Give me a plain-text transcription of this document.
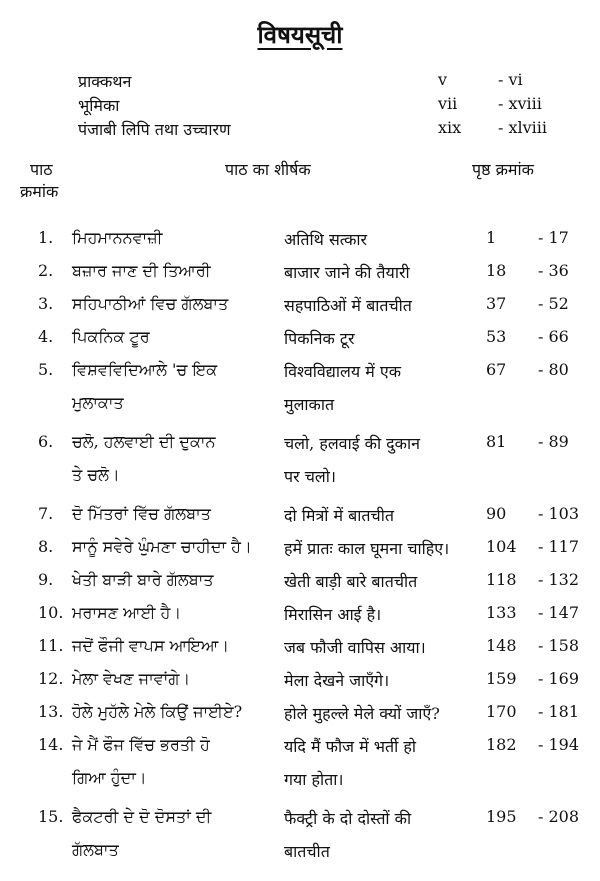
विषयसूची
प्राक्कथन	v	- vi
भूमिका	vii	- xviii
पंजाबी लिपि तथा उच्चारण	xix - xlviii
पाठ
क्रमांक
पाठ का शीर्षक	पृष्ठ क्रमांक
1. ਮਿਹਮਾਨਨਵਾਜ਼ੀ	अतिथि सत्कार	1	- 17
2. ਬਜ਼ਾਰ ਜਾਣ ਦੀ ਤਿਆਰੀ	बाजार जाने की तैयारी	18 - 36
3. ਸਹਿਪਾਠੀਆਂ ਵਿਚ ਗੱਲਬਾਤ	सहपाठिओं में बातचीत	37 - 52
4. ਪਿਕਨਿਕ ਟੂਰ	पिकनिक टूर	53 - 66
5. ਵਿਸ਼ਵਵਿਦਿਆਲੇ 'ਚ ਇਕ	विश्वविद्यालय में एक	67 - 80
ਮੁਲਾਕਾਤ	मुलाकात
6. ਚਲੋ, ਹਲਵਾਈ ਦੀ ਦੁਕਾਨ	चलो, हलवाई की दुकान	81 - 89
ਤੇ ਚਲੋ।	पर चलो।
7. ਦੋ ਮਿੱਤਰਾਂ ਵਿੱਚ ਗੱਲਬਾਤ	दो मित्रों में बातचीत	90 - 103
8. ਸਾਨੂੰ ਸਵੇਰੇ ਘੁੰਮਣਾ ਚਾਹੀਦਾ ਹੈ।	हमें प्रातः काल घूमना चाहिए।	104 - 117
9. ਖੇਤੀ ਬਾੜੀ ਬਾਰੇ ਗੱਲਬਾਤ	खेती बाड़ी बारे बातचीत	118 - 132
10. ਮਰਾਸਣ ਆਈ ਹੈ।	मिरासिन आई है।	133 - 147
11. ਜਦੋਂ ਫੌਜੀ ਵਾਪਸ ਆਇਆ।	जब फौजी वापिस आया।	148 - 158
12. ਮੇਲਾ ਵੇਖਣ ਜਾਵਾਂਗੇ।	मेला देखने जाएँगे।	159 - 169
13. ਹੋਲੇ ਮੁਹੱਲੇ ਮੇਲੇ ਕਿਉਂ ਜਾਈਏ?	होले मुहल्ले मेले क्यों जाएँ?	170 - 181
14. ਜੇ ਮੈਂ ਫੌਜ ਵਿੱਚ ਭਰਤੀ ਹੋ	यदि मैं फौज में भर्ती हो	182 - 194
ਗਿਆ ਹੁੰਦਾ।	गया होता।
15. ਫੈਕਟਰੀ ਦੇ ਦੋ ਦੋਸਤਾਂ ਦੀ	फैक्ट्री के दो दोस्तों की	195 - 208
ਗੱਲਬਾਤ	बातचीत
